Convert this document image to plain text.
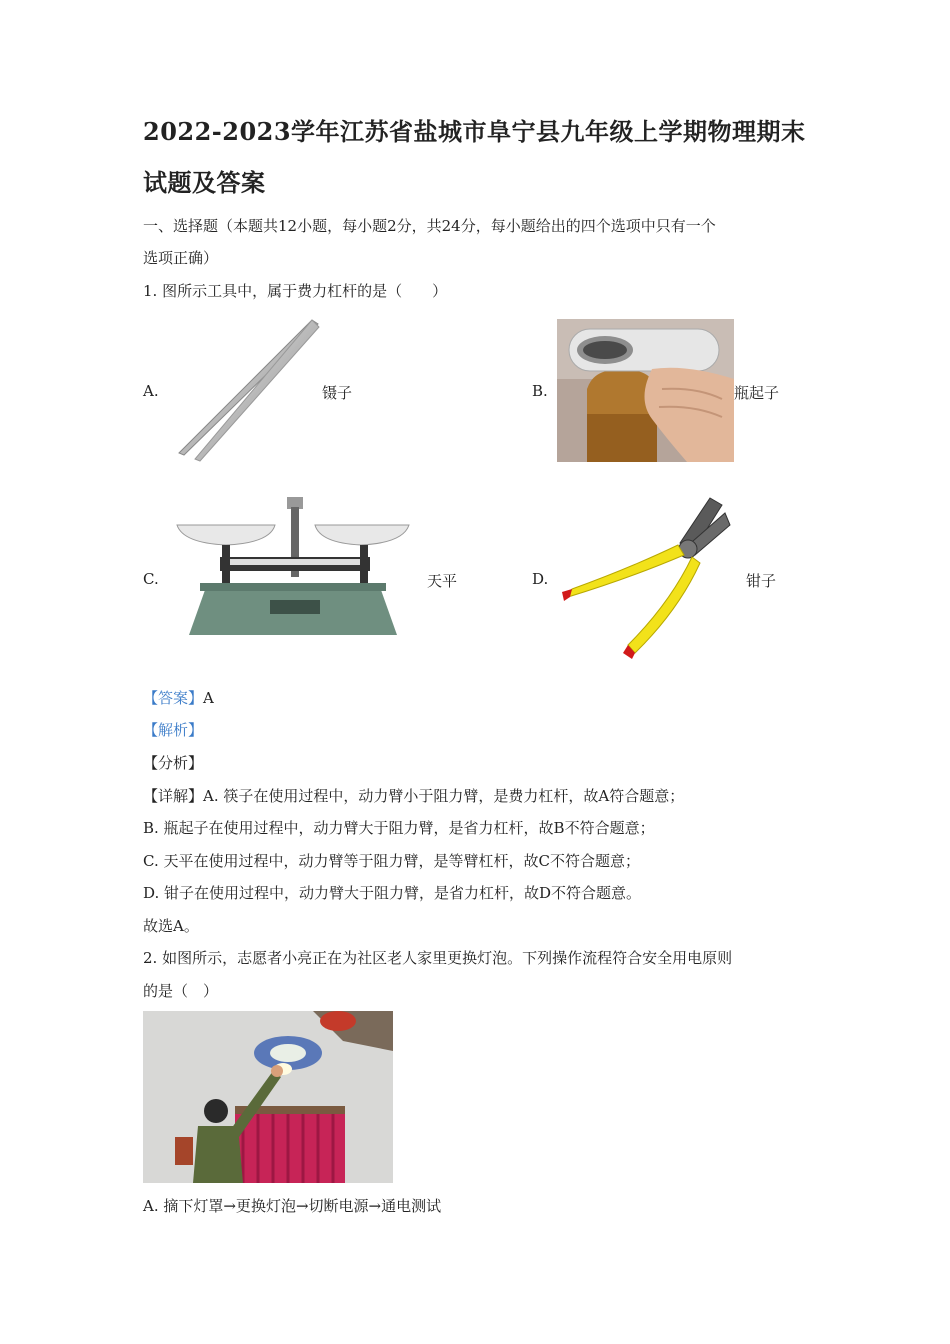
2022-2023学年江苏省盐城市阜宁县九年级上学期物理期末
试题及答案
一、选择题（本题共12小题，每小题2分，共24分，每小题给出的四个选项中只有一个
选项正确）
1. 图所示工具中，属于费力杠杆的是（　　）
A.	镊子	B.	瓶起子
C.	天平	D.	钳子
【答案】A
【解析】
【分析】
【详解】A. 筷子在使用过程中，动力臂小于阻力臂，是费力杠杆，故A符合题意；
B. 瓶起子在使用过程中，动力臂大于阻力臂，是省力杠杆，故B不符合题意；
C. 天平在使用过程中，动力臂等于阻力臂，是等臂杠杆，故C不符合题意；
D. 钳子在使用过程中，动力臂大于阻力臂，是省力杠杆，故D不符合题意。
故选A。
2. 如图所示，志愿者小亮正在为社区老人家里更换灯泡。下列操作流程符合安全用电原则
的是（　）
A. 摘下灯罩→更换灯泡→切断电源→通电测试
